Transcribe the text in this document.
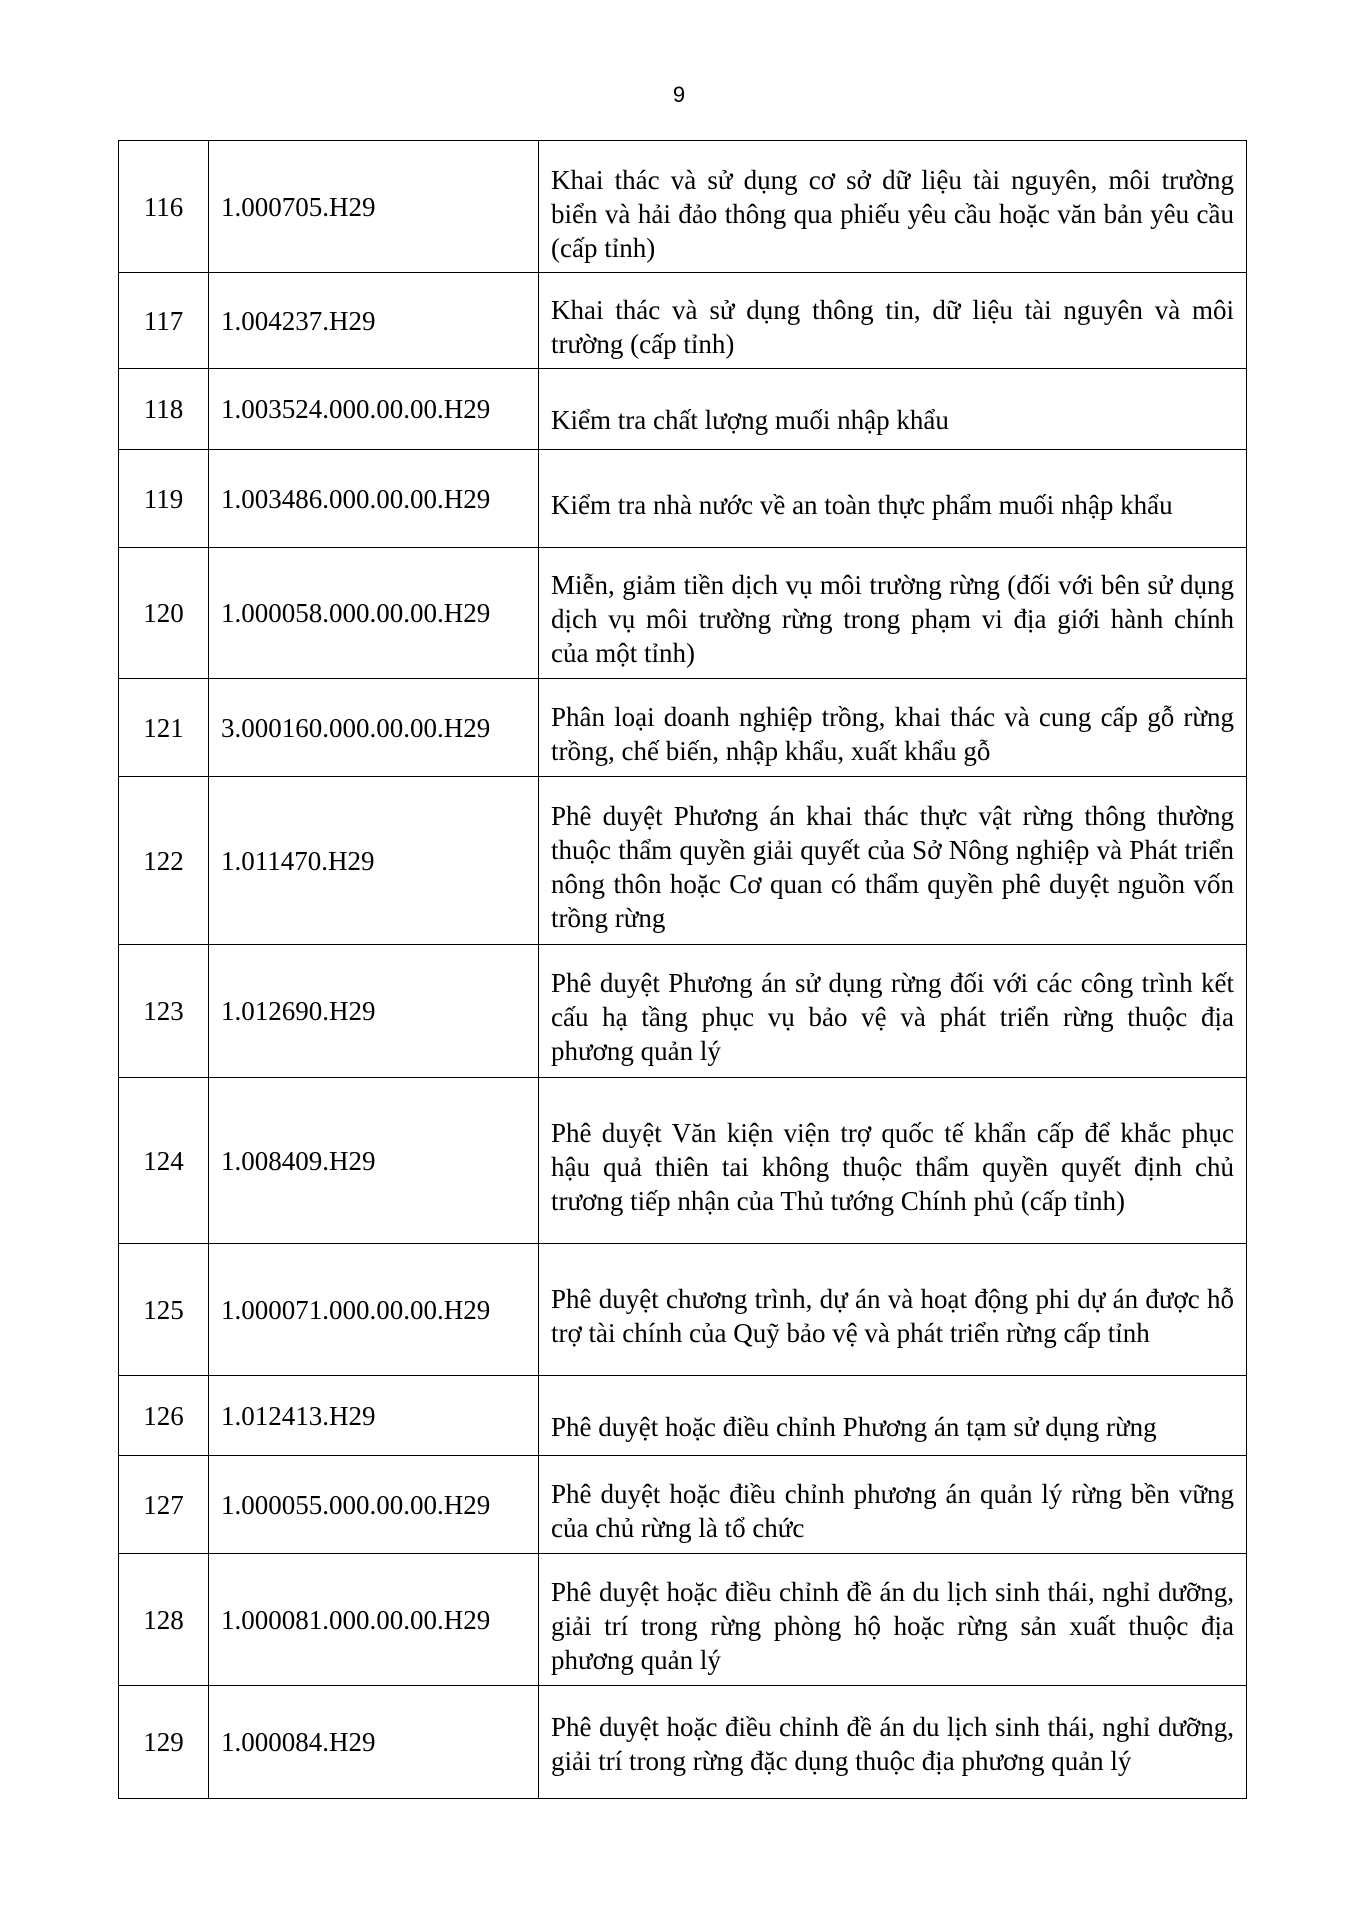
9
116	1.000705.H29	Khai thác và sử dụng cơ sở dữ liệu tài nguyên, môi trường biển và hải đảo thông qua phiếu yêu cầu hoặc văn bản yêu cầu (cấp tỉnh)
117	1.004237.H29	Khai thác và sử dụng thông tin, dữ liệu tài nguyên và môi trường (cấp tỉnh)
118	1.003524.000.00.00.H29	Kiểm tra chất lượng muối nhập khẩu
119	1.003486.000.00.00.H29	Kiểm tra nhà nước về an toàn thực phẩm muối nhập khẩu
120	1.000058.000.00.00.H29	Miễn, giảm tiền dịch vụ môi trường rừng (đối với bên sử dụng dịch vụ môi trường rừng trong phạm vi địa giới hành chính của một tỉnh)
121	3.000160.000.00.00.H29	Phân loại doanh nghiệp trồng, khai thác và cung cấp gỗ rừng trồng, chế biến, nhập khẩu, xuất khẩu gỗ
122	1.011470.H29	Phê duyệt Phương án khai thác thực vật rừng thông thường thuộc thẩm quyền giải quyết của Sở Nông nghiệp và Phát triển nông thôn hoặc Cơ quan có thẩm quyền phê duyệt nguồn vốn trồng rừng
123	1.012690.H29	Phê duyệt Phương án sử dụng rừng đối với các công trình kết cấu hạ tầng phục vụ bảo vệ và phát triển rừng thuộc địa phương quản lý
124	1.008409.H29	Phê duyệt Văn kiện viện trợ quốc tế khẩn cấp để khắc phục hậu quả thiên tai không thuộc thẩm quyền quyết định chủ trương tiếp nhận của Thủ tướng Chính phủ (cấp tỉnh)
125	1.000071.000.00.00.H29	Phê duyệt chương trình, dự án và hoạt động phi dự án được hỗ trợ tài chính của Quỹ bảo vệ và phát triển rừng cấp tỉnh
126	1.012413.H29	Phê duyệt hoặc điều chỉnh Phương án tạm sử dụng rừng
127	1.000055.000.00.00.H29	Phê duyệt hoặc điều chỉnh phương án quản lý rừng bền vững của chủ rừng là tổ chức
128	1.000081.000.00.00.H29	Phê duyệt hoặc điều chỉnh đề án du lịch sinh thái, nghỉ dưỡng, giải trí trong rừng phòng hộ hoặc rừng sản xuất thuộc địa phương quản lý
129	1.000084.H29	Phê duyệt hoặc điều chỉnh đề án du lịch sinh thái, nghỉ dưỡng, giải trí trong rừng đặc dụng thuộc địa phương quản lý
